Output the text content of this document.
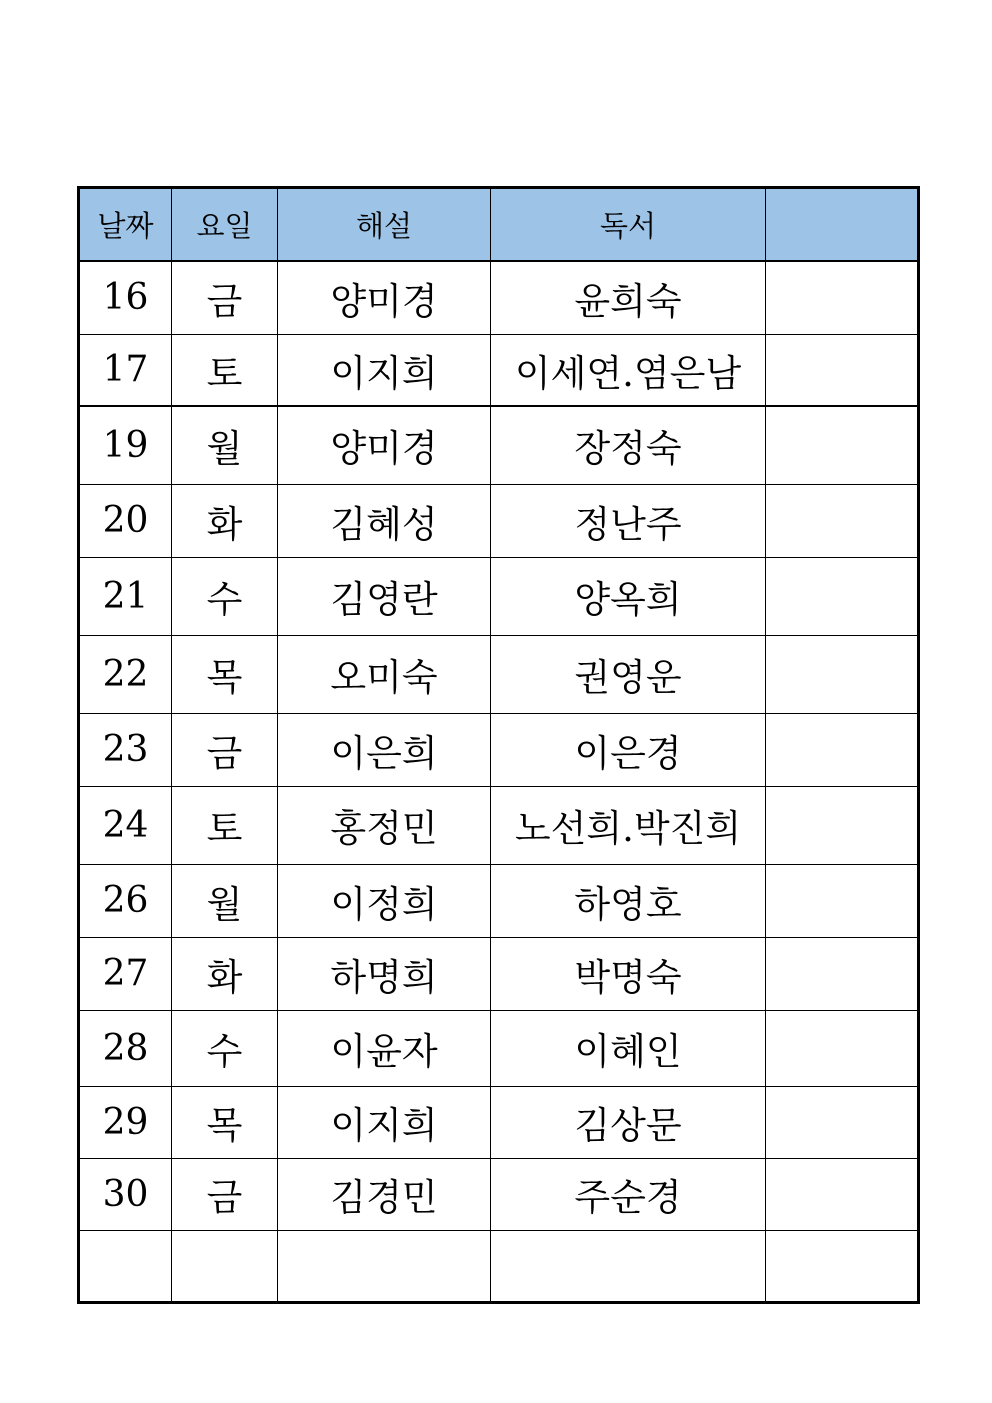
날짜	요일	해설	독서	
16	금	양미경	윤희숙	
17	토	이지희	이세연.염은남	
19	월	양미경	장정숙	
20	화	김혜성	정난주	
21	수	김영란	양옥희	
22	목	오미숙	권영운	
23	금	이은희	이은경	
24	토	홍정민	노선희.박진희	
26	월	이정희	하영호	
27	화	하명희	박명숙	
28	수	이윤자	이혜인	
29	목	이지희	김상문	
30	금	김경민	주순경	
